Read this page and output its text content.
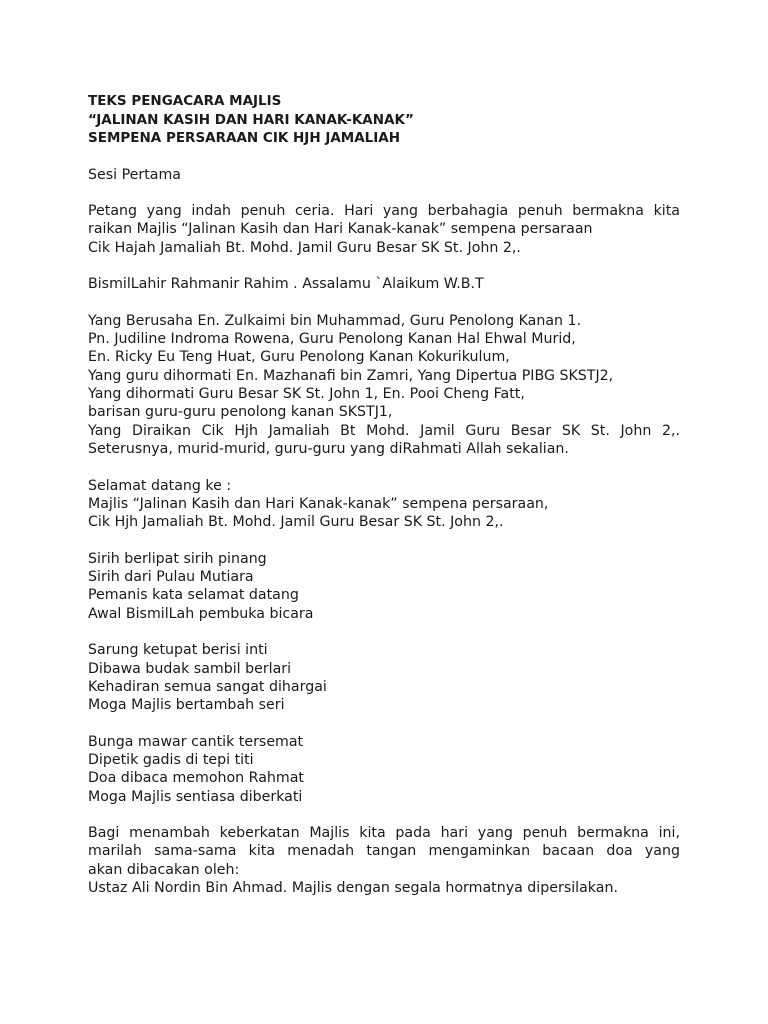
TEKS PENGACARA MAJLIS
“JALINAN KASIH DAN HARI KANAK-KANAK”
SEMPENA PERSARAAN CIK HJH JAMALIAH
Sesi Pertama
Petang yang indah penuh ceria. Hari yang berbahagia penuh bermakna kita
raikan Majlis “Jalinan Kasih dan Hari Kanak-kanak” sempena persaraan
Cik Hajah Jamaliah Bt. Mohd. Jamil Guru Besar SK St. John 2,.
BismilLahir Rahmanir Rahim . Assalamu `Alaikum W.B.T
Yang Berusaha En. Zulkaimi bin Muhammad, Guru Penolong Kanan 1.
Pn. Judiline Indroma Rowena, Guru Penolong Kanan Hal Ehwal Murid,
En. Ricky Eu Teng Huat, Guru Penolong Kanan Kokurikulum,
Yang guru dihormati En. Mazhanafi bin Zamri, Yang Dipertua PIBG SKSTJ2,
Yang dihormati Guru Besar SK St. John 1, En. Pooi Cheng Fatt,
barisan guru-guru penolong kanan SKSTJ1,
Yang Diraikan Cik Hjh Jamaliah Bt Mohd. Jamil Guru Besar SK St. John 2,.
Seterusnya, murid-murid, guru-guru yang diRahmati Allah sekalian.
Selamat datang ke :
Majlis “Jalinan Kasih dan Hari Kanak-kanak” sempena persaraan,
Cik Hjh Jamaliah Bt. Mohd. Jamil Guru Besar SK St. John 2,.
Sirih berlipat sirih pinang
Sirih dari Pulau Mutiara
Pemanis kata selamat datang
Awal BismilLah pembuka bicara
Sarung ketupat berisi inti
Dibawa budak sambil berlari
Kehadiran semua sangat dihargai
Moga Majlis bertambah seri
Bunga mawar cantik tersemat
Dipetik gadis di tepi titi
Doa dibaca memohon Rahmat
Moga Majlis sentiasa diberkati
Bagi menambah keberkatan Majlis kita pada hari yang penuh bermakna ini,
marilah sama-sama kita menadah tangan mengaminkan bacaan doa yang
akan dibacakan oleh:
Ustaz Ali Nordin Bin Ahmad. Majlis dengan segala hormatnya dipersilakan.
